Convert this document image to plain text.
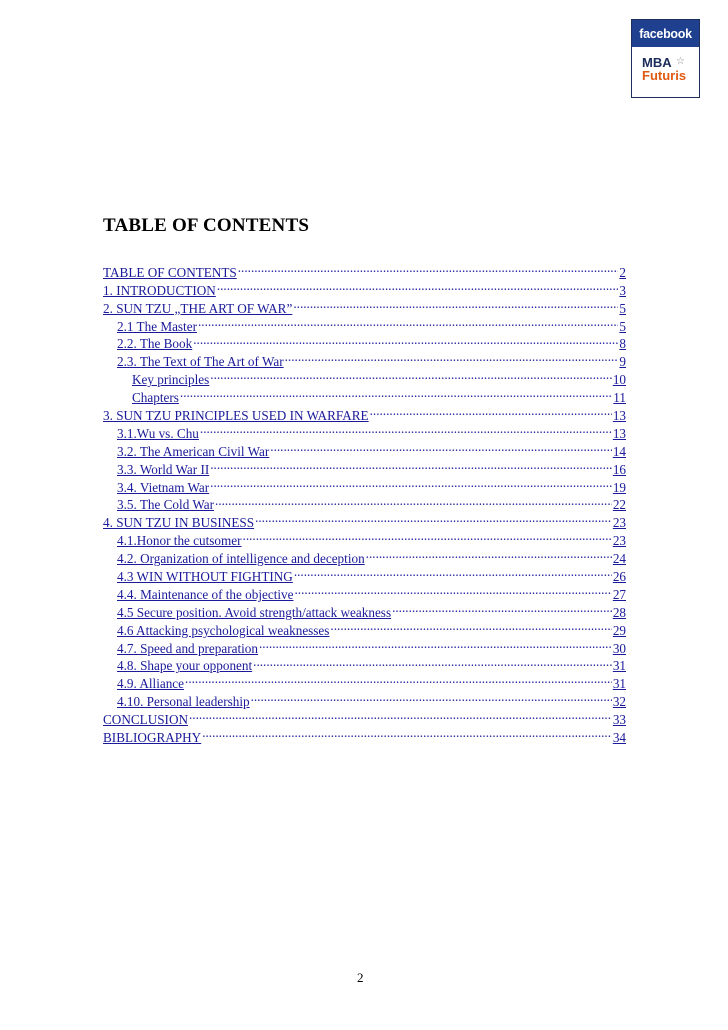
facebook
MBA ☆
Futuris
TABLE OF CONTENTS
TABLE OF CONTENTS .....	2
1. INTRODUCTION .....	3
2. SUN TZU „THE ART OF WAR” .....	5
2.1 The Master .....	5
2.2. The Book .....	8
2.3. The Text of The Art of War .....	9
Key principles .....	10
Chapters .....	11
3. SUN TZU PRINCIPLES USED IN WARFARE .....	13
3.1.Wu vs. Chu .....	13
3.2. The American Civil War .....	14
3.3. World War II .....	16
3.4. Vietnam War .....	19
3.5. The Cold War .....	22
4. SUN TZU IN BUSINESS .....	23
4.1.Honor the cutsomer .....	23
4.2. Organization of intelligence and deception .....	24
4.3 WIN WITHOUT FIGHTING .....	26
4.4. Maintenance of the objective .....	27
4.5 Secure position. Avoid strength/attack weakness .....	28
4.6 Attacking psychological weaknesses .....	29
4.7. Speed and preparation .....	30
4.8. Shape your opponent .....	31
4.9. Alliance .....	31
4.10. Personal leadership .....	32
CONCLUSION .....	33
BIBLIOGRAPHY .....	34
2
